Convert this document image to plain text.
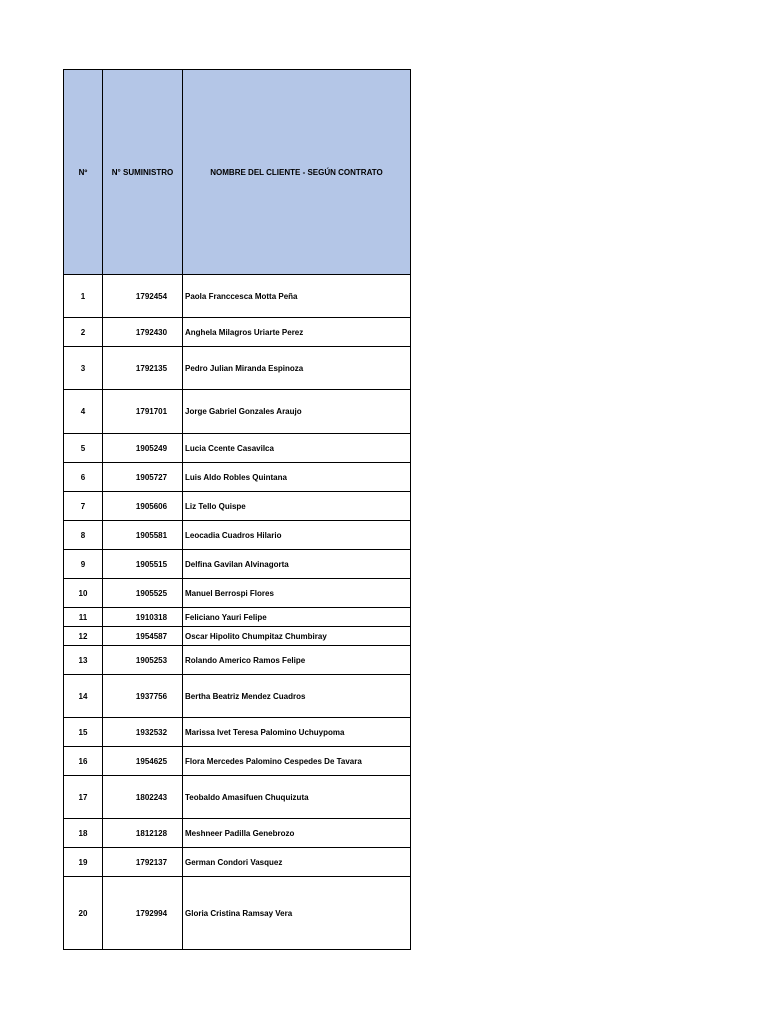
Nº	N° SUMINISTRO	NOMBRE DEL CLIENTE - SEGÚN CONTRATO
1	1792454	Paola Franccesca Motta Peña
2	1792430	Anghela Milagros Uriarte Perez
3	1792135	Pedro Julian Miranda Espinoza
4	1791701	Jorge Gabriel Gonzales Araujo
5	1905249	Lucia Ccente Casavilca
6	1905727	Luis Aldo Robles Quintana
7	1905606	Liz Tello Quispe
8	1905581	Leocadia Cuadros Hilario
9	1905515	Delfina Gavilan Alvinagorta
10	1905525	Manuel Berrospi Flores
11	1910318	Feliciano Yauri Felipe
12	1954587	Oscar Hipolito Chumpitaz Chumbiray
13	1905253	Rolando Americo Ramos Felipe
14	1937756	Bertha Beatriz Mendez Cuadros
15	1932532	Marissa Ivet Teresa Palomino Uchuypoma
16	1954625	Flora Mercedes Palomino Cespedes De Tavara
17	1802243	Teobaldo Amasifuen Chuquizuta
18	1812128	Meshneer Padilla Genebrozo
19	1792137	German Condori Vasquez
20	1792994	Gloria Cristina Ramsay Vera
